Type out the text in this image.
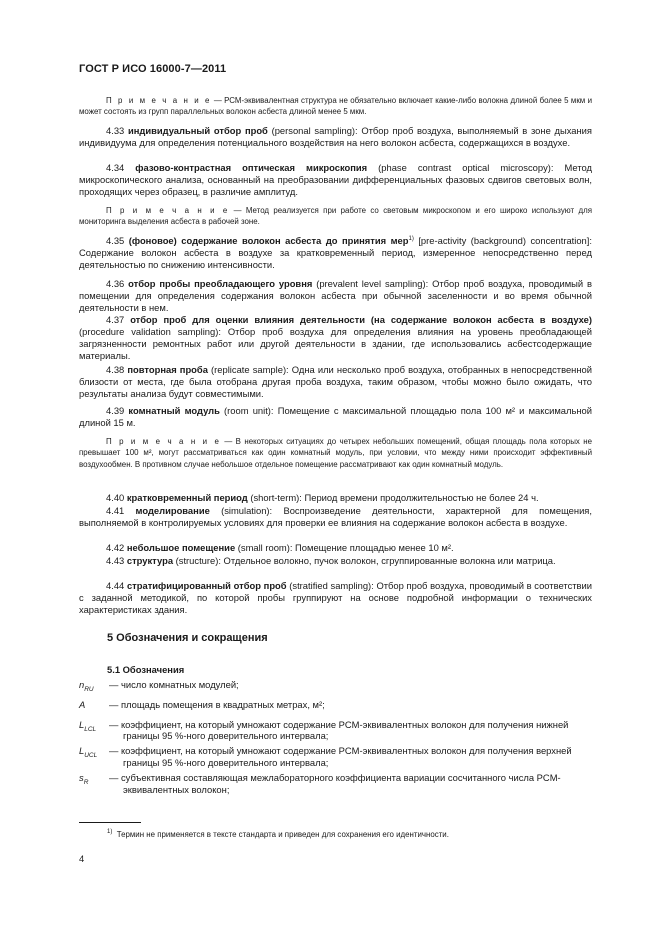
ГОСТ Р ИСО 16000-7—2011

П р и м е ч а н и е — РСМ-эквивалентная структура не обязательно включает какие-либо волокна длиной более 5 мкм и может состоять из групп параллельных волокон асбеста длиной менее 5 мкм.

4.33 индивидуальный отбор проб (personal sampling): Отбор проб воздуха, выполняемый в зоне дыхания индивидуума для определения потенциального воздействия на него волокон асбеста, содержащихся в воздухе.

4.34 фазово-контрастная оптическая микроскопия (phase contrast optical microscopy): Метод микроскопического анализа, основанный на преобразовании дифференциальных фазовых сдвигов световых волн, проходящих через образец, в различие амплитуд.

П р и м е ч а н и е — Метод реализуется при работе со световым микроскопом и его широко используют для мониторинга выделения асбеста в рабочей зоне.

4.35 (фоновое) содержание волокон асбеста до принятия мер$^{1)}$ [pre-activity (background) concentration]: Содержание волокон асбеста в воздухе за кратковременный период, измеренное непосредственно перед деятельностью по снижению интенсивности.

4.36 отбор пробы преобладающего уровня (prevalent level sampling): Отбор проб воздуха, проводимый в помещении для определения содержания волокон асбеста при обычной заселенности и во время обычной деятельности в нем.

4.37 отбор проб для оценки влияния деятельности (на содержание волокон асбеста в воздухе) (procedure validation sampling): Отбор проб воздуха для определения влияния на уровень преобладающей загрязненности ремонтных работ или другой деятельности в здании, где использовались асбестсодержащие материалы.

4.38 повторная проба (replicate sample): Одна или несколько проб воздуха, отобранных в непосредственной близости от места, где была отобрана другая проба воздуха, таким образом, чтобы можно было ожидать, что результаты анализа будут совместимыми.

4.39 комнатный модуль (room unit): Помещение с максимальной площадью пола 100 м² и максимальной длиной 15 м.

П р и м е ч а н и е — В некоторых ситуациях до четырех небольших помещений, общая площадь пола которых не превышает 100 м², могут рассматриваться как один комнатный модуль, при условии, что между ними происходит эффективный воздухообмен. В противном случае небольшое отдельное помещение рассматривают как один комнатный модуль.

4.40 кратковременный период (short-term): Период времени продолжительностью не более 24 ч.

4.41 моделирование (simulation): Воспроизведение деятельности, характерной для помещения, выполняемой в контролируемых условиях для проверки ее влияния на содержание волокон асбеста в воздухе.

4.42 небольшое помещение (small room): Помещение площадью менее 10 м².

4.43 структура (structure): Отдельное волокно, пучок волокон, сгруппированные волокна или матрица.

4.44 стратифицированный отбор проб (stratified sampling): Отбор проб воздуха, проводимый в соответствии с заданной методикой, по которой пробы группируют на основе подробной информации о технических характеристиках здания.

5 Обозначения и сокращения
5.1 Обозначения
$n_{RU}$	— число комнатных модулей;
A	— площадь помещения в квадратных метрах, м²;
$L_{LCL}$	— коэффициент, на который умножают содержание PCM-эквивалентных волокон для получения нижней границы 95 %-ного доверительного интервала;
$L_{UCL}$	— коэффициент, на который умножают содержание PCM-эквивалентных волокон для получения верхней границы 95 %-ного доверительного интервала;
$s_R$	— субъективная составляющая межлабораторного коэффициента вариации сосчитанного числа PCM-эквивалентных волокон;
$^{1)}$ Термин не применяется в тексте стандарта и приведен для сохранения его идентичности.
4
